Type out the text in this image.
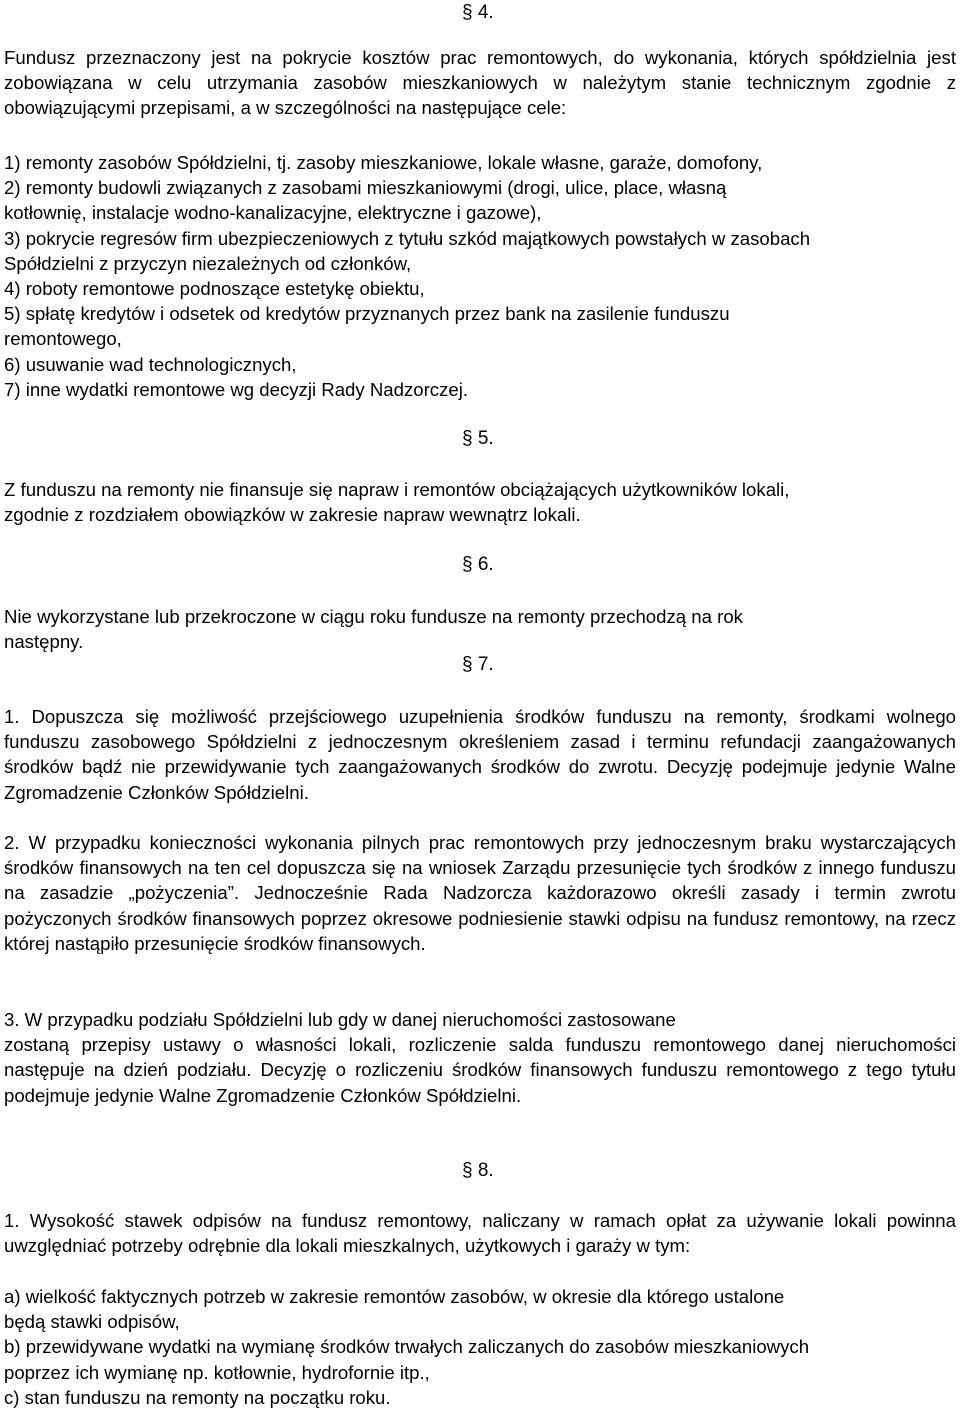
§ 4.

Fundusz przeznaczony jest na pokrycie kosztów prac remontowych, do wykonania, których spółdzielnia jest zobowiązana w celu utrzymania zasobów mieszkaniowych w należytym stanie technicznym zgodnie z obowiązującymi przepisami, a w szczególności na następujące cele:

1) remonty zasobów Spółdzielni, tj. zasoby mieszkaniowe, lokale własne, garaże, domofony,
2) remonty budowli związanych z zasobami mieszkaniowymi (drogi, ulice, place, własną
kotłownię, instalacje wodno-kanalizacyjne, elektryczne i gazowe),
3) pokrycie regresów firm ubezpieczeniowych z tytułu szkód majątkowych powstałych w zasobach
Spółdzielni z przyczyn niezależnych od członków,
4) roboty remontowe podnoszące estetykę obiektu,
5) spłatę kredytów i odsetek od kredytów przyznanych przez bank na zasilenie funduszu
remontowego,
6) usuwanie wad technologicznych,
7) inne wydatki remontowe wg decyzji Rady Nadzorczej.
§ 5.
Z funduszu na remonty nie finansuje się napraw i remontów obciążających użytkowników lokali,
zgodnie z rozdziałem obowiązków w zakresie napraw wewnątrz lokali.
§ 6.
Nie wykorzystane lub przekroczone w ciągu roku fundusze na remonty przechodzą na rok
następny.
§ 7.

1. Dopuszcza się możliwość przejściowego uzupełnienia środków funduszu na remonty, środkami wolnego funduszu zasobowego Spółdzielni z jednoczesnym określeniem zasad i terminu refundacji zaangażowanych środków bądź nie przewidywanie tych zaangażowanych środków do zwrotu. Decyzję podejmuje jedynie Walne Zgromadzenie Członków Spółdzielni.

2. W przypadku konieczności wykonania pilnych prac remontowych przy jednoczesnym braku wystarczających środków finansowych na ten cel dopuszcza się na wniosek Zarządu przesunięcie tych środków z innego funduszu na zasadzie „pożyczenia”. Jednocześnie Rada Nadzorcza każdorazowo określi zasady i termin zwrotu pożyczonych środków finansowych poprzez okresowe podniesienie stawki odpisu na fundusz remontowy, na rzecz której nastąpiło przesunięcie środków finansowych.

3. W przypadku podziału Spółdzielni lub gdy w danej nieruchomości zastosowane
zostaną przepisy ustawy o własności lokali, rozliczenie salda funduszu remontowego danej nieruchomości następuje na dzień podziału. Decyzję o rozliczeniu środków finansowych funduszu remontowego z tego tytułu podejmuje jedynie Walne Zgromadzenie Członków Spółdzielni.
§ 8.

1. Wysokość stawek odpisów na fundusz remontowy, naliczany w ramach opłat za używanie lokali powinna uwzględniać potrzeby odrębnie dla lokali mieszkalnych, użytkowych i garaży w tym:

a) wielkość faktycznych potrzeb w zakresie remontów zasobów, w okresie dla którego ustalone
będą stawki odpisów,
b) przewidywane wydatki na wymianę środków trwałych zaliczanych do zasobów mieszkaniowych
poprzez ich wymianę np. kotłownie, hydrofornie itp.,
c) stan funduszu na remonty na początku roku.
